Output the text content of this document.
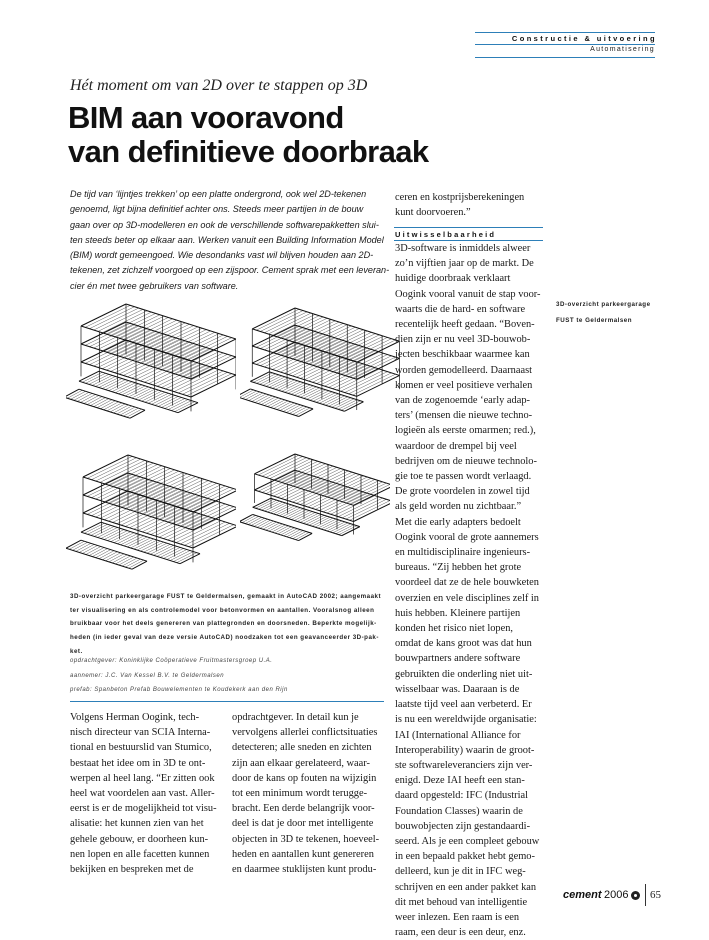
Constructie & uitvoering
Automatisering
Hét moment om van 2D over te stappen op 3D
BIM aan vooravond
van definitieve doorbraak
De tijd van ‘lijntjes trekken’ op een platte ondergrond, ook wel 2D-tekenen
genoemd, ligt bijna definitief achter ons. Steeds meer partijen in de bouw
gaan over op 3D-modelleren en ook de verschillende softwarepakketten slui-
ten steeds beter op elkaar aan. Werken vanuit een Building Information Model
(BIM) wordt gemeengoed. Wie desondanks vast wil blijven houden aan 2D-
tekenen, zet zichzelf voorgoed op een zijspoor. Cement sprak met een leveran-
cier én met twee gebruikers van software.
3D-overzicht parkeergarage FUST te Geldermalsen, gemaakt in AutoCAD 2002; aangemaakt
ter visualisering en als controlemodel voor betonvormen en aantallen. Vooralsnog alleen
bruikbaar voor het deels genereren van plattegronden en doorsneden. Beperkte mogelijk-
heden (in ieder geval van deze versie AutoCAD) noodzaken tot een geavanceerder 3D-pak-
ket.
opdrachtgever: Koninklijke Coöperatieve Fruitmastersgroep U.A.
aannemer: J.C. Van Kessel B.V. te Geldermalsen
prefab: Spanbeton Prefab Bouwelementen te Koudekerk aan den Rijn
Volgens Herman Oogink, tech-
nisch directeur van SCIA Interna-
tional en bestuurslid van Stumico,
bestaat het idee om in 3D te ont-
werpen al heel lang. “Er zitten ook
heel wat voordelen aan vast. Aller-
eerst is er de mogelijkheid tot visu-
alisatie: het kunnen zien van het
gehele gebouw, er doorheen kun-
nen lopen en alle facetten kunnen
bekijken en bespreken met de
opdrachtgever. In detail kun je
vervolgens allerlei conflictsituaties
detecteren; alle sneden en zichten
zijn aan elkaar gerelateerd, waar-
door de kans op fouten na wijzigin
tot een minimum wordt terugge-
bracht. Een derde belangrijk voor-
deel is dat je door met intelligente
objecten in 3D te tekenen, hoeveel-
heden en aantallen kunt genereren
en daarmee stuklijsten kunt produ-
ceren en kostprijsberekeningen
kunt doorvoeren.”
Uitwisselbaarheid
3D-software is inmiddels alweer
zo’n vijftien jaar op de markt. De
huidige doorbraak verklaart
Oogink vooral vanuit de stap voor-
waarts die de hard- en software
recentelijk heeft gedaan. “Boven-
dien zijn er nu veel 3D-bouwob-
jecten beschikbaar waarmee kan
worden gemodelleerd. Daarnaast
komen er veel positieve verhalen
van de zogenoemde ‘early adap-
ters’ (mensen die nieuwe techno-
logieën als eerste omarmen; red.),
waardoor de drempel bij veel
bedrijven om de nieuwe technolo-
gie toe te passen wordt verlaagd.
De grote voordelen in zowel tijd
als geld worden nu zichtbaar.”
Met die early adapters bedoelt
Oogink vooral de grote aannemers
en multidisciplinaire ingenieurs-
bureaus. “Zij hebben het grote
voordeel dat ze de hele bouwketen
overzien en vele disciplines zelf in
huis hebben. Kleinere partijen
konden het risico niet lopen,
omdat de kans groot was dat hun
bouwpartners andere software
gebruikten die onderling niet uit-
wisselbaar was. Daaraan is de
laatste tijd veel aan verbeterd. Er
is nu een wereldwijde organisatie:
IAI (International Alliance for
Interoperability) waarin de groot-
ste softwareleveranciers zijn ver-
enigd. Deze IAI heeft een stan-
daard opgesteld: IFC (Industrial
Foundation Classes) waarin de
bouwobjecten zijn gestandaardi-
seerd. Als je een compleet gebouw
in een bepaald pakket hebt gemo-
delleerd, kun je dit in IFC weg-
schrijven en een ander pakket kan
dit met behoud van intelligentie
weer inlezen. Een raam is een
raam, een deur is een deur, enz.
3D-overzicht parkeergarage
FUST te Geldermalsen
cement 2006 65
